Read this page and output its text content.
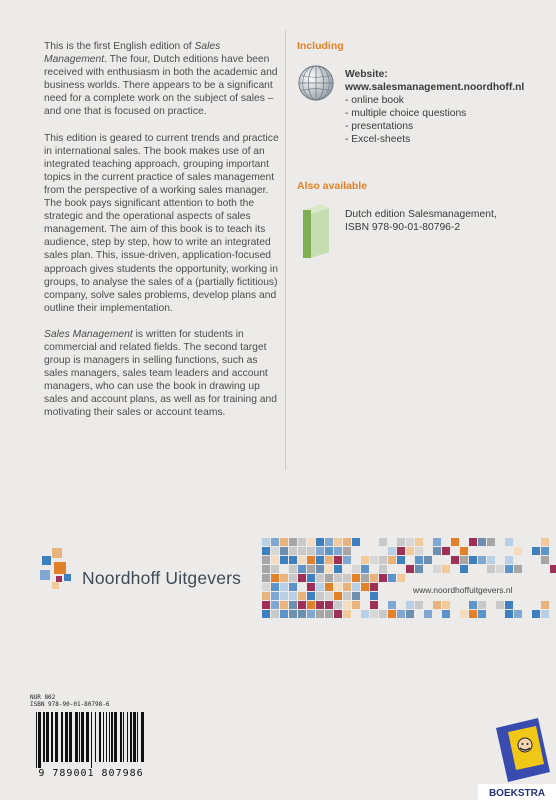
This is the first English edition of Sales Management. The four, Dutch editions have been received with enthusiasm in both the academic and business worlds. There appears to be a significant need for a complete work on the subject of sales – and one that is focused on practice.

This edition is geared to current trends and practice in international sales. The book makes use of an integrated teaching approach, grouping important topics in the current practice of sales management from the perspective of a working sales manager. The book pays significant attention to both the strategic and the operational aspects of sales management. The aim of this book is to teach its audience, step by step, how to write an integrated sales plan. This, issue-driven, application-focused approach gives students the opportunity, working in groups, to analyse the sales of a (partially fictitious) company, solve sales problems, develop plans and outline their implementation.

Sales Management is written for students in commercial and related fields. The second target group is managers in selling functions, such as sales managers, sales team leaders and account managers, who can use the book in drawing up sales and account plans, as well as for training and motivating their sales or account teams.

Including
Website:
www.salesmanagement.noordhoff.nl
- online book
- multiple choice questions
- presentations
- Excel-sheets
Also available
Dutch edition Salesmanagement,
ISBN 978-90-01-80796-2
Noordhoff Uitgevers
www.noordhoffuitgevers.nl
NUR 802
ISBN 978-90-01-80798-6
9 789001 807986
BOEKSTRA
